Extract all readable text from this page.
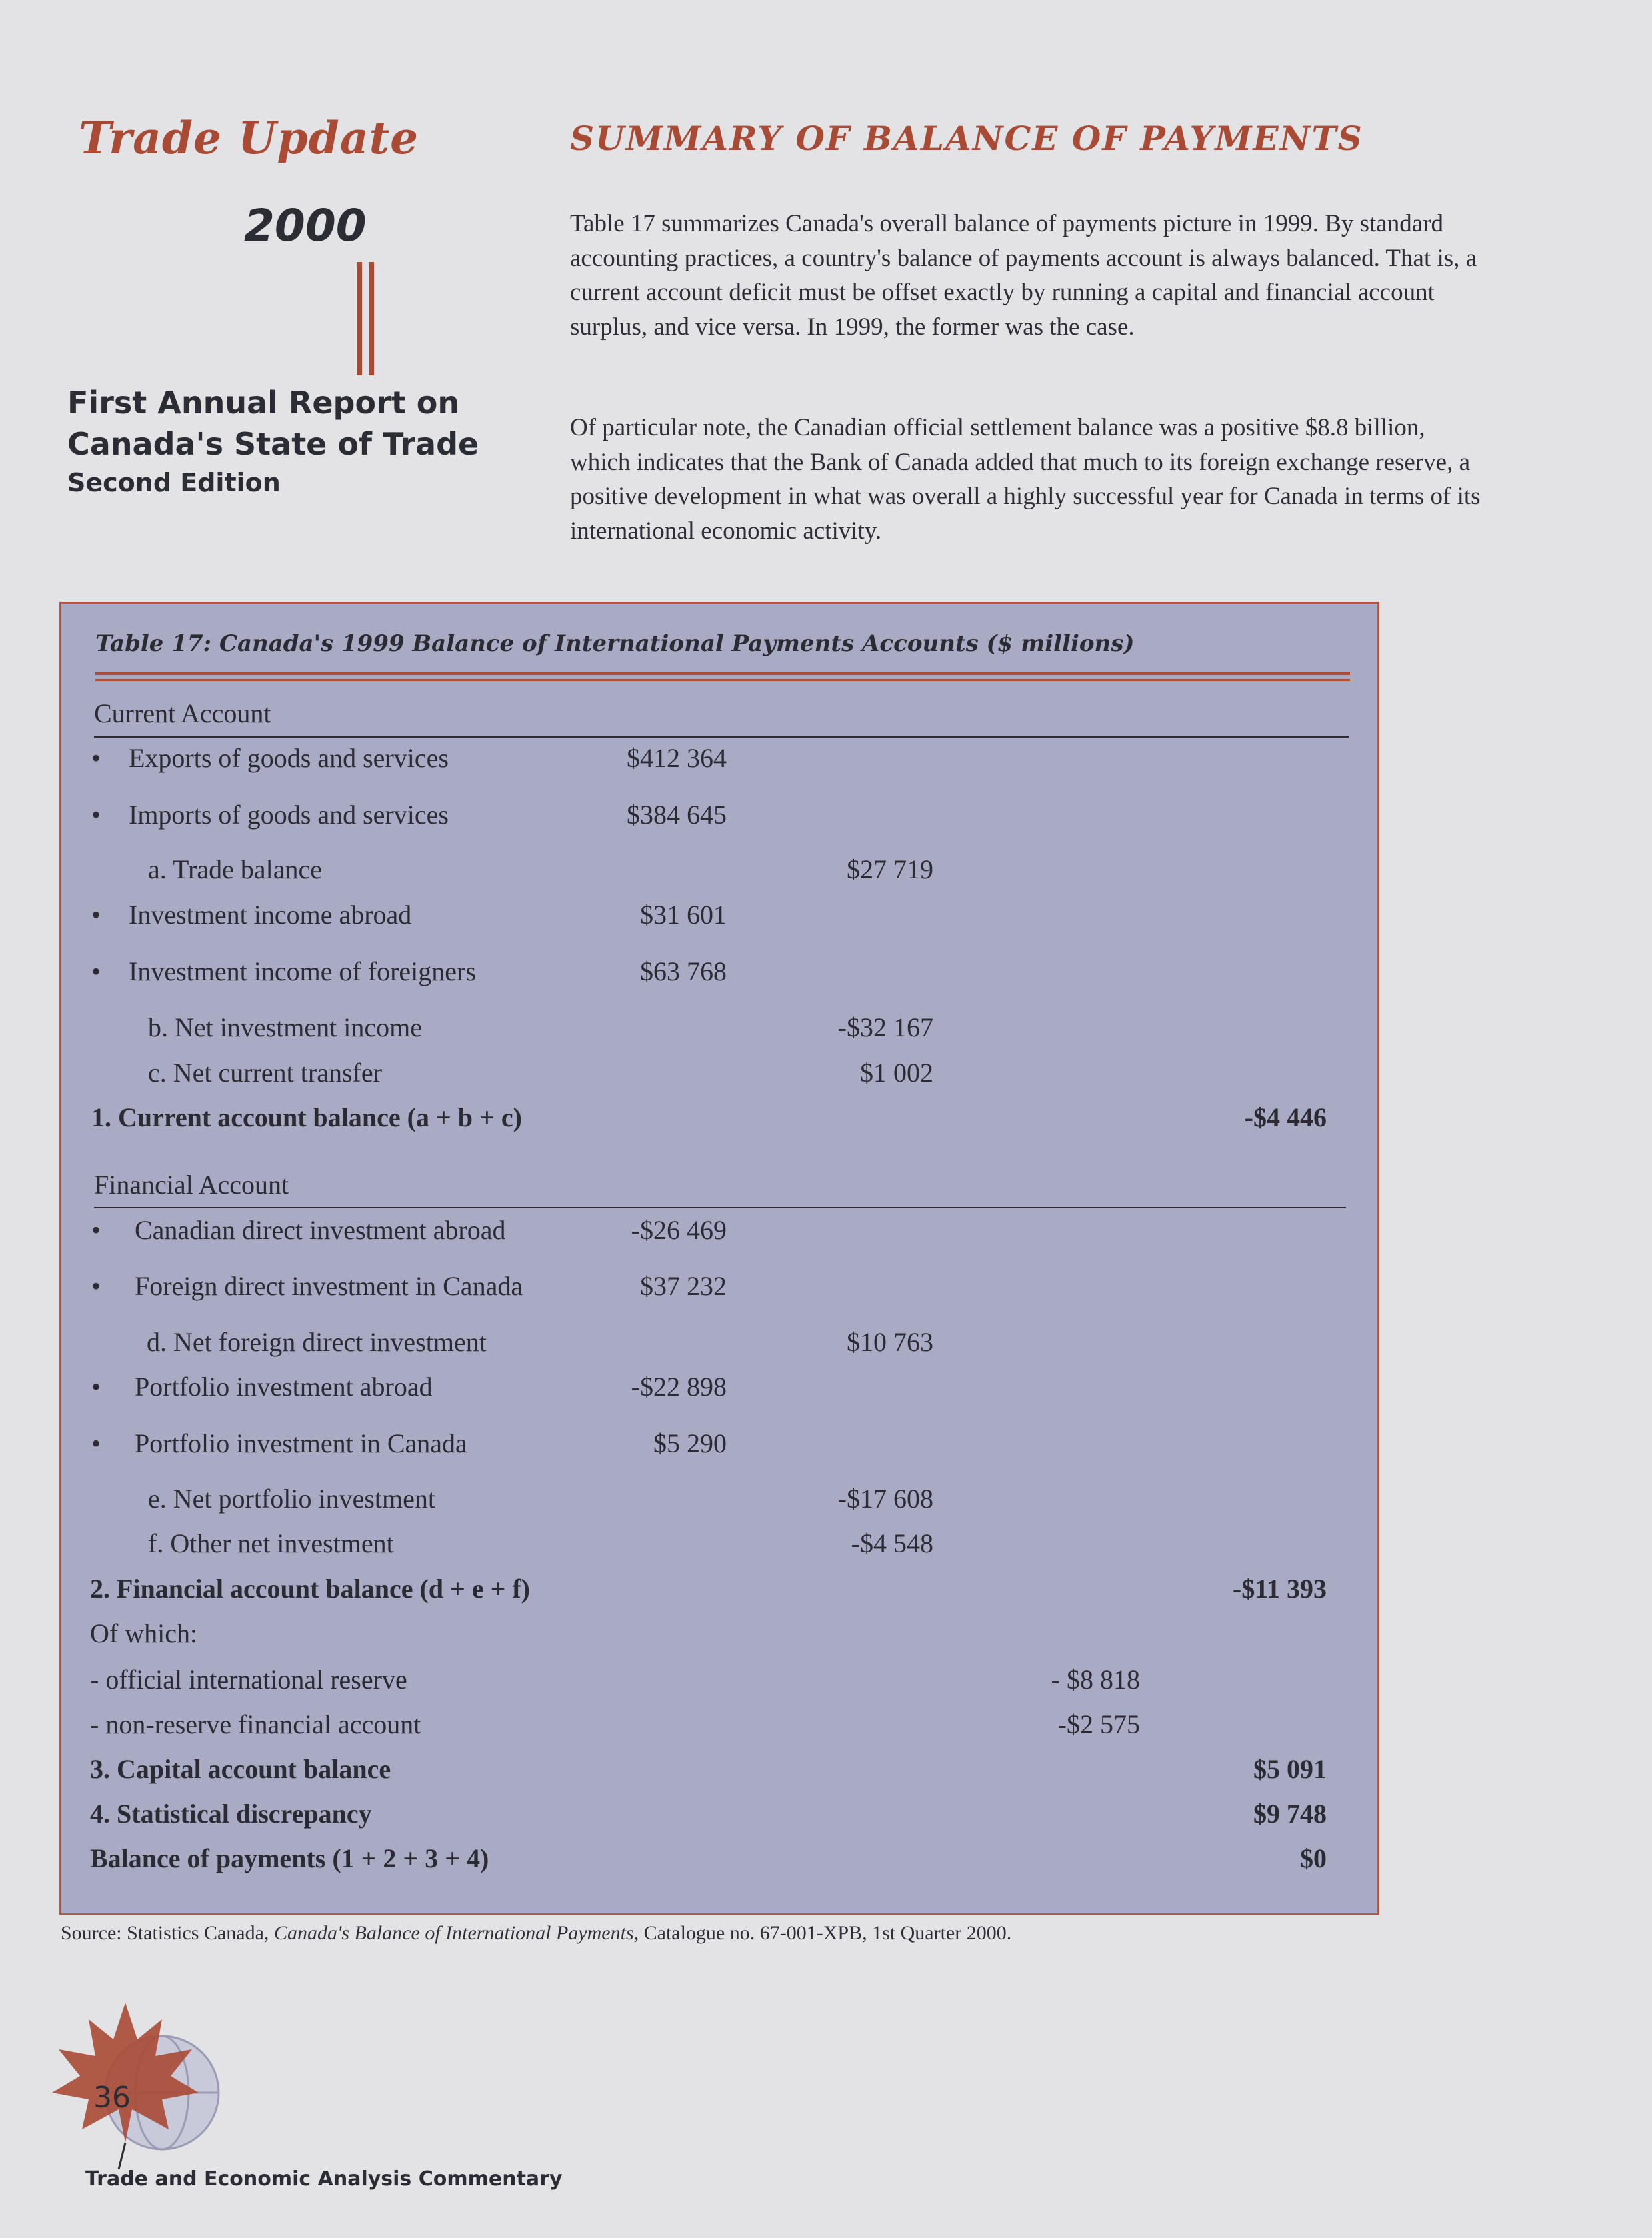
Trade Update
2000
First Annual Report on
Canada's State of Trade
Second Edition
SUMMARY OF BALANCE OF PAYMENTS

Table 17 summarizes Canada's overall balance of payments picture in 1999. By standard accounting practices, a country's balance of payments account is always balanced. That is, a current account deficit must be offset exactly by running a capital and financial account surplus, and vice versa. In 1999, the former was the case.

Of particular note, the Canadian official settlement balance was a positive $8.8 billion, which indicates that the Bank of Canada added that much to its foreign exchange reserve, a positive development in what was overall a highly successful year for Canada in terms of its international economic activity.

Table 17: Canada's 1999 Balance of International Payments Accounts ($ millions)
Current Account
Financial Account
• Exports of goods and services	$412 364
• Imports of goods and services	$384 645
a. Trade balance	$27 719
• Investment income abroad	$31 601
• Investment income of foreigners	$63 768
b. Net investment income	-$32 167
c. Net current transfer	$1 002
1. Current account balance (a + b + c)	-$4 446
• Canadian direct investment abroad	-$26 469
• Foreign direct investment in Canada	$37 232
d. Net foreign direct investment	$10 763
• Portfolio investment abroad	-$22 898
• Portfolio investment in Canada	$5 290
e. Net portfolio investment	-$17 608
f. Other net investment	-$4 548
2. Financial account balance (d + e + f)	-$11 393
Of which:
- official international reserve	- $8 818
- non-reserve financial account	-$2 575
3. Capital account balance	$5 091
4. Statistical discrepancy	$9 748
Balance of payments (1 + 2 + 3 + 4)	$0

Source: Statistics Canada, Canada's Balance of International Payments, Catalogue no. 67-001-XPB, 1st Quarter 2000.

36
Trade and Economic Analysis Commentary
